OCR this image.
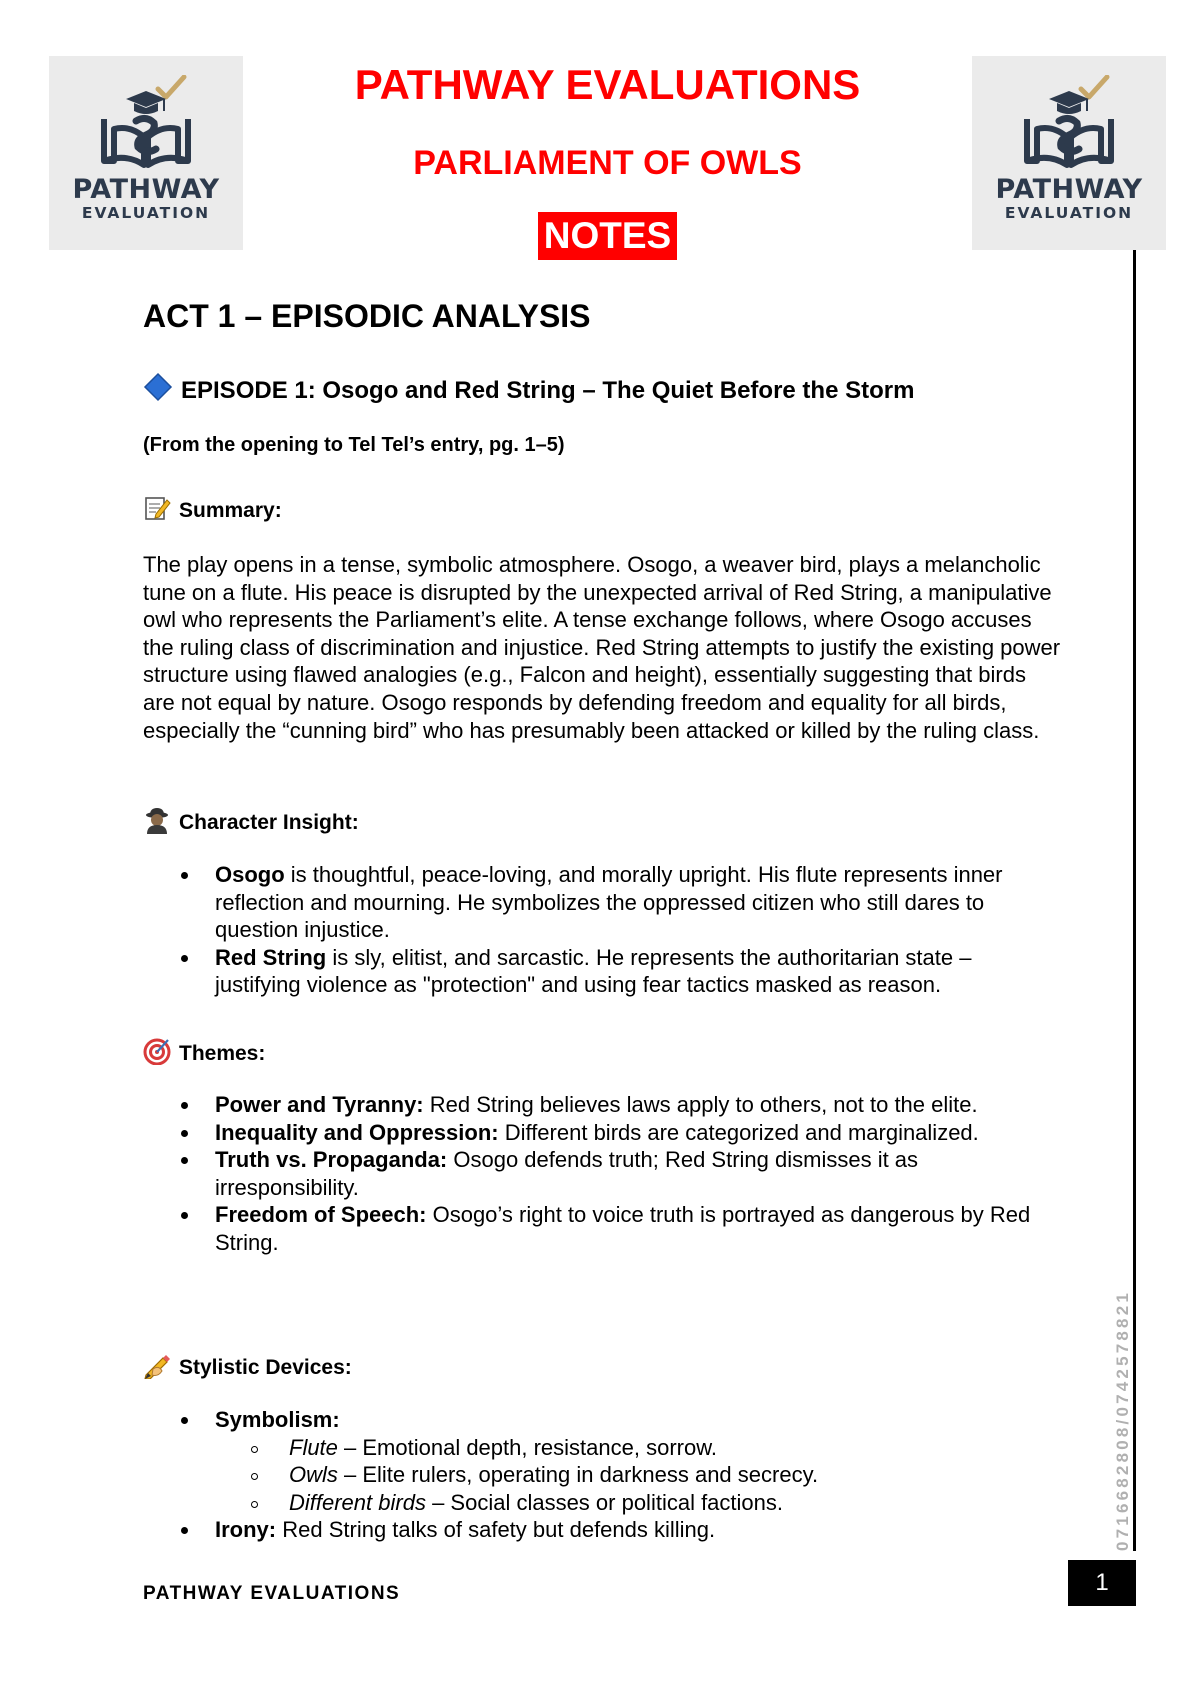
PATHWAY
EVALUATION
PATHWAY
EVALUATION
PATHWAY EVALUATIONS
PARLIAMENT OF OWLS
NOTES
0716682808/0742578821
1

PATHWAY EVALUATIONS

ACT 1 – EPISODIC ANALYSIS
EPISODE 1: Osogo and Red String – The Quiet Before the Storm

(From the opening to Tel Tel’s entry, pg. 1–5)

Summary:

The play opens in a tense, symbolic atmosphere. Osogo, a weaver bird, plays a melancholic tune on a flute. His peace is disrupted by the unexpected arrival of Red String, a manipulative owl who represents the Parliament’s elite. A tense exchange follows, where Osogo accuses the ruling class of discrimination and injustice. Red String attempts to justify the existing power structure using flawed analogies (e.g., Falcon and height), essentially suggesting that birds are not equal by nature. Osogo responds by defending freedom and equality for all birds, especially the “cunning bird” who has presumably been attacked or killed by the ruling class.

Character Insight:

Osogo is thoughtful, peace-loving, and morally upright. His flute represents inner reflection and mourning. He symbolizes the oppressed citizen who still dares to question injustice.
Red String is sly, elitist, and sarcastic. He represents the authoritarian state – justifying violence as "protection" and using fear tactics masked as reason.

Themes:

Power and Tyranny: Red String believes laws apply to others, not to the elite.
Inequality and Oppression: Different birds are categorized and marginalized.
Truth vs. Propaganda: Osogo defends truth; Red String dismisses it as irresponsibility.
Freedom of Speech: Osogo’s right to voice truth is portrayed as dangerous by Red String.

Stylistic Devices:

Symbolism:
Flute – Emotional depth, resistance, sorrow.
Owls – Elite rulers, operating in darkness and secrecy.
Different birds – Social classes or political factions.
Irony: Red String talks of safety but defends killing.
